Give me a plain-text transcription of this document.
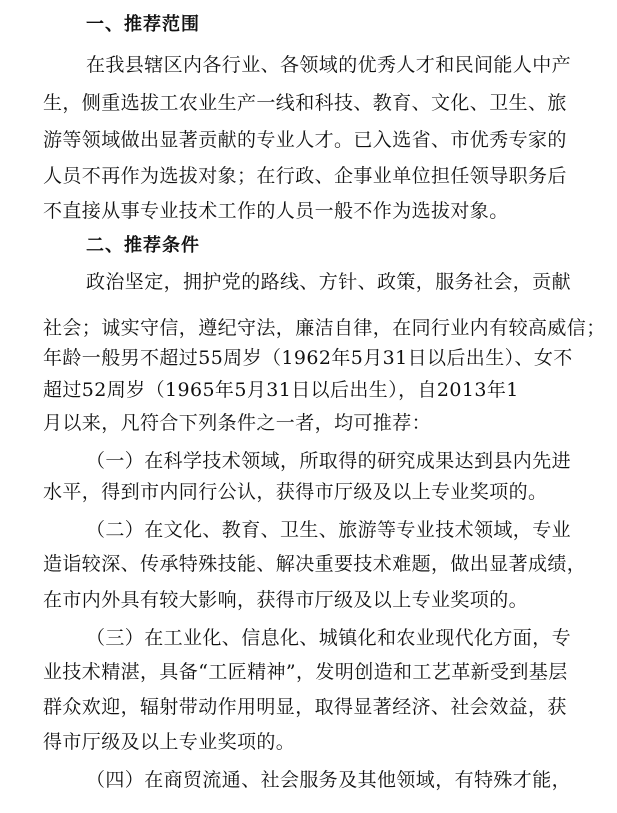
一、推荐范围
在我县辖区内各行业、各领域的优秀人才和民间能人中产
生，侧重选拔工农业生产一线和科技、教育、文化、卫生、旅
游等领域做出显著贡献的专业人才。已入选省、市优秀专家的
人员不再作为选拔对象；在行政、企事业单位担任领导职务后
不直接从事专业技术工作的人员一般不作为选拔对象。
二、推荐条件
政治坚定，拥护党的路线、方针、政策，服务社会，贡献
社会；诚实守信，遵纪守法，廉洁自律，在同行业内有较高威信；
年龄一般男不超过55周岁（1962年5月31日以后出生）、女不
超过52周岁（1965年5月31日以后出生），自2013年1
月以来，凡符合下列条件之一者，均可推荐：
（一）在科学技术领域，所取得的研究成果达到县内先进
水平，得到市内同行公认，获得市厅级及以上专业奖项的。
（二）在文化、教育、卫生、旅游等专业技术领域，专业
造诣较深、传承特殊技能、解决重要技术难题，做出显著成绩，
在市内外具有较大影响，获得市厅级及以上专业奖项的。
（三）在工业化、信息化、城镇化和农业现代化方面，专
业技术精湛，具备“工匠精神”，发明创造和工艺革新受到基层
群众欢迎，辐射带动作用明显，取得显著经济、社会效益，获
得市厅级及以上专业奖项的。
（四）在商贸流通、社会服务及其他领域，有特殊才能，
